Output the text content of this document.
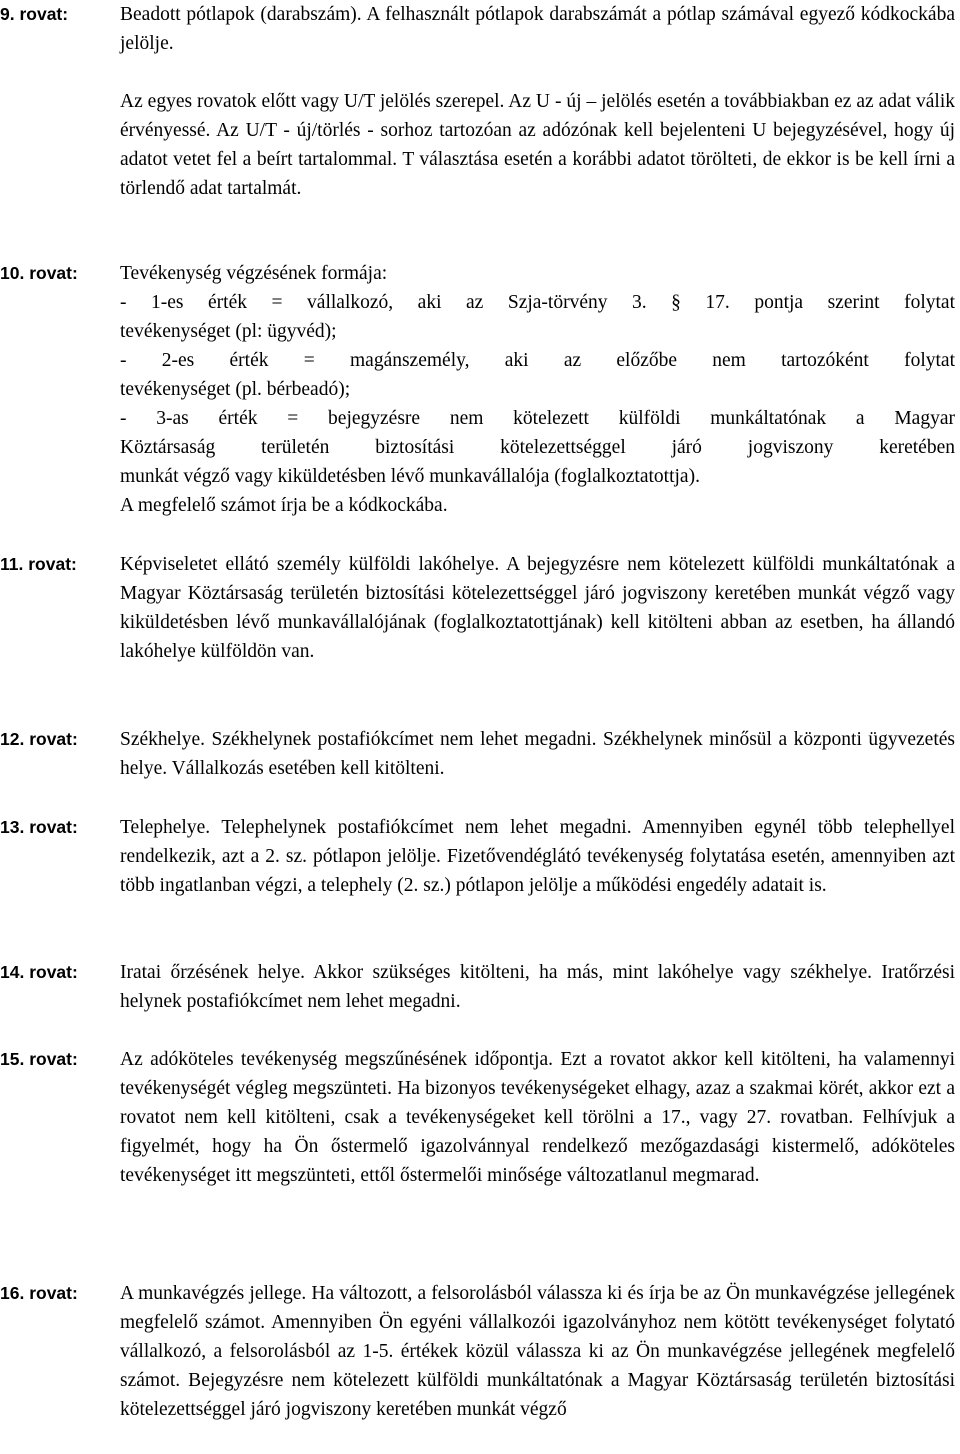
9. rovat:	Beadott pótlapok (darabszám). A felhasznált pótlapok darabszámát a pótlap számával egyező kódkockába jelölje.

Az egyes rovatok előtt vagy U/T jelölés szerepel. Az U - új – jelölés esetén a továbbiakban ez az adat válik érvényessé. Az U/T - új/törlés - sorhoz tartozóan az adózónak kell bejelenteni U bejegyzésével, hogy új adatot vetet fel a beírt tartalommal. T választása esetén a korábbi adatot törölteti, de ekkor is be kell írni a törlendő adat tartalmát.

10. rovat:	Tevékenység végzésének formája:

- 1-es érték = vállalkozó, aki az Szja-törvény 3. § 17. pontja szerint folytat

tevékenységet (pl: ügyvéd);

- 2-es érték = magánszemély, aki az előzőbe nem tartozóként folytat

tevékenységet (pl. bérbeadó);

- 3-as érték = bejegyzésre nem kötelezett külföldi munkáltatónak a Magyar

Köztársaság területén biztosítási kötelezettséggel járó jogviszony keretében

munkát végző vagy kiküldetésben lévő munkavállalója (foglalkoztatottja).

A megfelelő számot írja be a kódkockába.

11. rovat:	Képviseletet ellátó személy külföldi lakóhelye. A bejegyzésre nem kötelezett külföldi munkáltatónak a Magyar Köztársaság területén biztosítási kötelezettséggel járó jogviszony keretében munkát végző vagy kiküldetésben lévő munkavállalójának (foglalkoztatottjának) kell kitölteni abban az esetben, ha állandó lakóhelye külföldön van.

12. rovat:	Székhelye. Székhelynek postafiókcímet nem lehet megadni. Székhelynek minősül a központi ügyvezetés helye. Vállalkozás esetében kell kitölteni.

13. rovat:	Telephelye. Telephelynek postafiókcímet nem lehet megadni. Amennyiben egynél több telephellyel rendelkezik, azt a 2. sz. pótlapon jelölje. Fizetővendéglátó tevékenység folytatása esetén, amennyiben azt több ingatlanban végzi, a telephely (2. sz.) pótlapon jelölje a működési engedély adatait is.

14. rovat:	Iratai őrzésének helye. Akkor szükséges kitölteni, ha más, mint lakóhelye vagy székhelye. Iratőrzési helynek postafiókcímet nem lehet megadni.

15. rovat:	Az adóköteles tevékenység megszűnésének időpontja. Ezt a rovatot akkor kell kitölteni, ha valamennyi tevékenységét végleg megszünteti. Ha bizonyos tevékenységeket elhagy, azaz a szakmai körét, akkor ezt a rovatot nem kell kitölteni, csak a tevékenységeket kell törölni a 17., vagy 27. rovatban. Felhívjuk a figyelmét, hogy ha Ön őstermelő igazolvánnyal rendelkező mezőgazdasági kistermelő, adóköteles tevékenységet itt megszünteti, ettől őstermelői minősége változatlanul megmarad.

16. rovat:	A munkavégzés jellege. Ha változott, a felsorolásból válassza ki és írja be az Ön munkavégzése jellegének megfelelő számot. Amennyiben Ön egyéni vállalkozói igazolványhoz nem kötött tevékenységet folytató vállalkozó, a felsorolásból az 1-5. értékek közül válassza ki az Ön munkavégzése jellegének megfelelő számot. Bejegyzésre nem kötelezett külföldi munkáltatónak a Magyar Köztársaság területén biztosítási kötelezettséggel járó jogviszony keretében munkát végző
